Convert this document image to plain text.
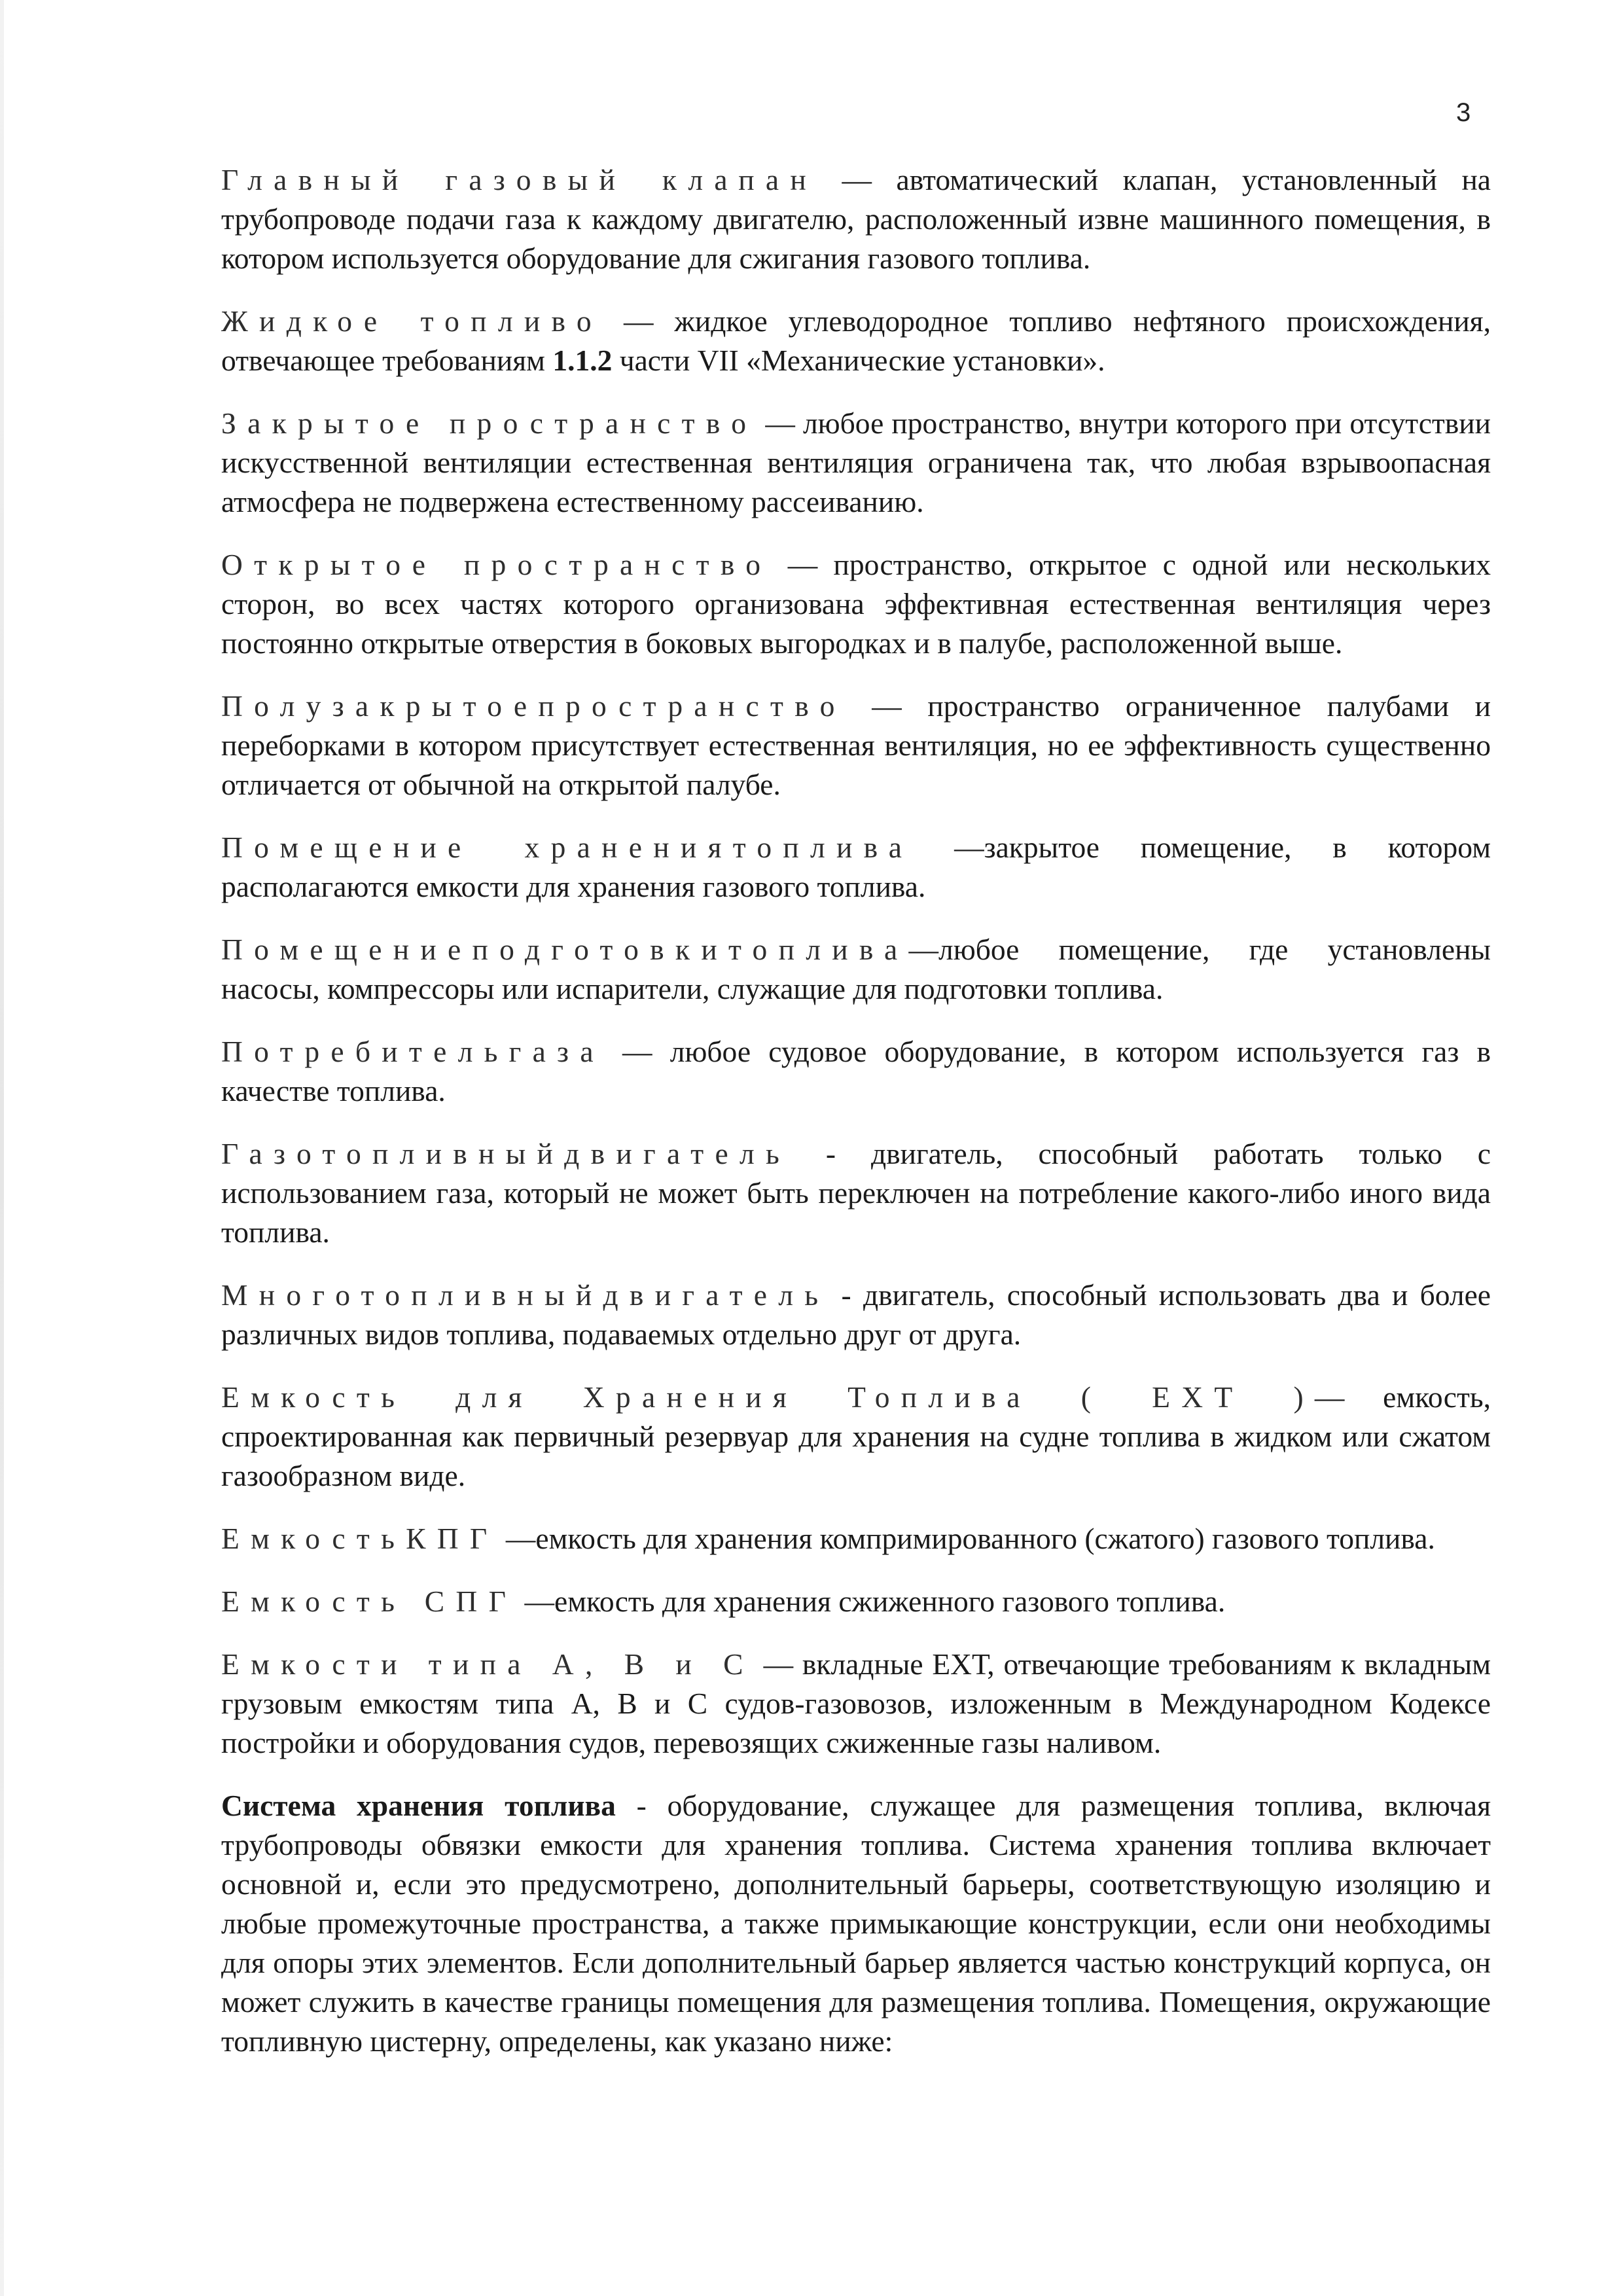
3

Главный газовый клапан — автоматический клапан, установленный на трубопроводе подачи газа к каждому двигателю, расположенный извне машинного помещения, в котором используется оборудование для сжигания газового топлива.

Жидкое топливо — жидкое углеводородное топливо нефтяного происхождения, отвечающее требованиям 1.1.2 части VII «Механические установки».

Закрытое пространство — любое пространство, внутри которого при отсутствии искусственной вентиляции естественная вентиляция ограничена так, что любая взрывоопасная атмосфера не подвержена естественному рассеиванию.

Открытое пространство — пространство, открытое с одной или нескольких сторон, во всех частях которого организована эффективная естественная вентиляция через постоянно открытые отверстия в боковых выгородках и в палубе, расположенной выше.

Полузакрытоепространство — пространство ограниченное палубами и переборками в котором присутствует естественная вентиляция, но ее эффективность существенно отличается от обычной на открытой палубе.

Помещение хранениятоплива —закрытое помещение, в котором располагаются емкости для хранения газового топлива.

Помещениеподготовкитоплива—любое помещение, где установлены насосы, компрессоры или испарители, служащие для подготовки топлива.

Потребительгаза — любое судовое оборудование, в котором используется газ в качестве топлива.

Газотопливныйдвигатель - двигатель, способный работать только с использованием газа, который не может быть переключен на потребление какого-либо иного вида топлива.

Многотопливныйдвигатель - двигатель, способный использовать два и более различных видов топлива, подаваемых отдельно друг от друга.

Емкость для Хранения Топлива ( ЕХТ )— емкость, спроектированная как первичный резервуар для хранения на судне топлива в жидком или сжатом газообразном виде.

ЕмкостьКПГ —емкость для хранения компримированного (сжатого) газового топлива.

Емкость СПГ —емкость для хранения сжиженного газового топлива.

Емкости типа А, В и С — вкладные ЕХТ, отвечающие требованиям к вкладным грузовым емкостям типа А, В и С судов-газовозов, изложенным в Международном Кодексе постройки и оборудования судов, перевозящих сжиженные газы наливом.

Система хранения топлива - оборудование, служащее для размещения топлива, включая трубопроводы обвязки емкости для хранения топлива. Система хранения топлива включает основной и, если это предусмотрено, дополнительный барьеры, соответствующую изоляцию и любые промежуточные пространства, а также примыкающие конструкции, если они необходимы для опоры этих элементов. Если дополнительный барьер является частью конструкций корпуса, он может служить в качестве границы помещения для размещения топлива. Помещения, окружающие топливную цистерну, определены, как указано ниже:
